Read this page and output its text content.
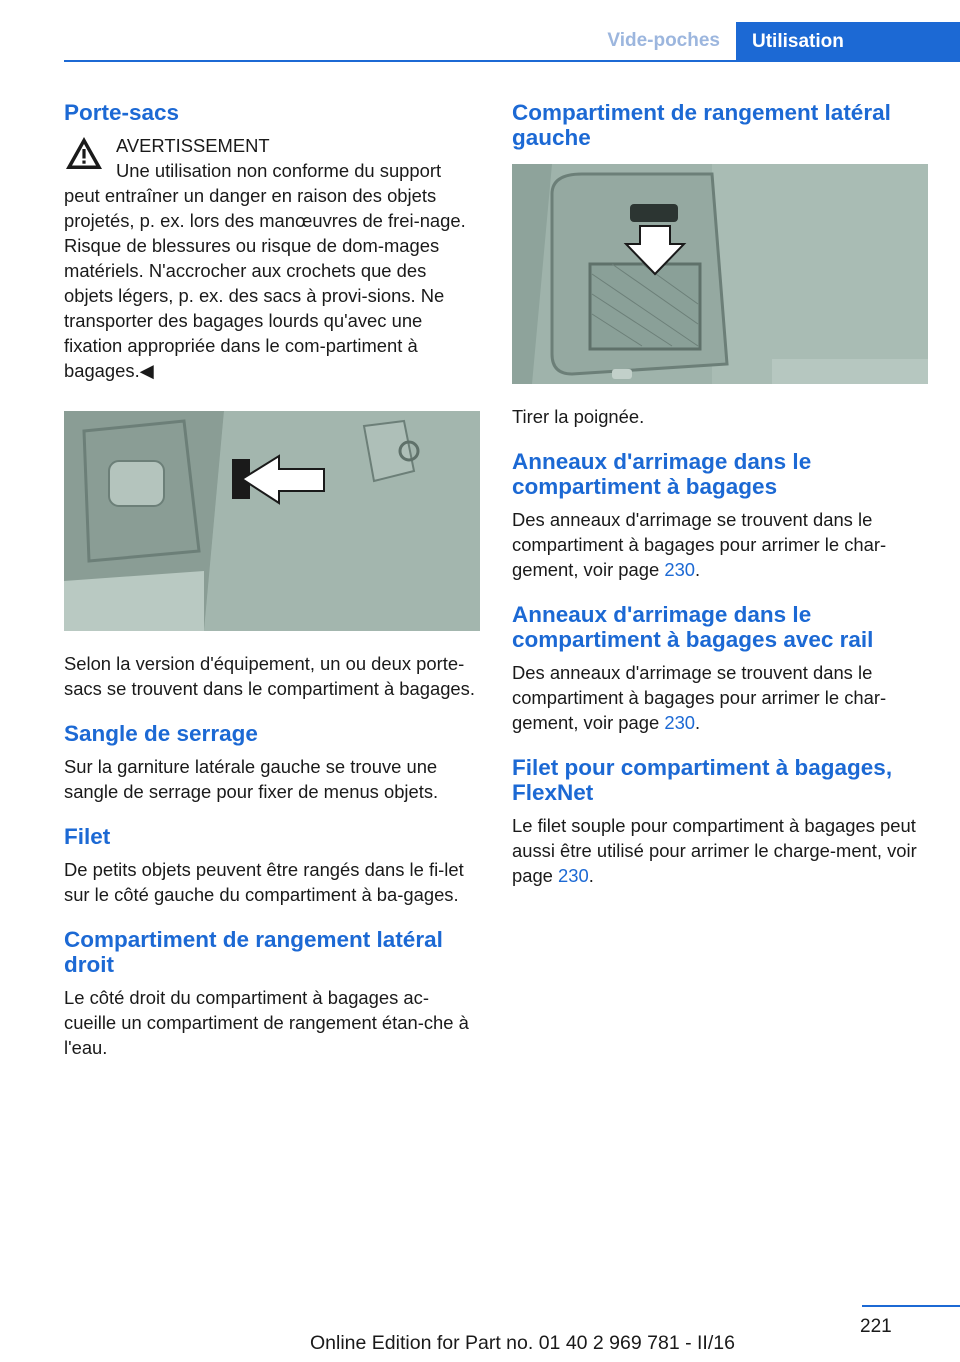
Vide-poches	Utilisation
Porte-sacs
AVERTISSEMENT

Une utilisation non conforme du support peut entraîner un danger en raison des objets projetés, p. ex. lors des manœuvres de frei‐nage. Risque de blessures ou risque de dom‐mages matériels. N'accrocher aux crochets que des objets légers, p. ex. des sacs à provi‐sions. Ne transporter des bagages lourds qu'avec une fixation appropriée dans le com‐partiment à bagages.◀

Selon la version d'équipement, un ou deux porte-sacs se trouvent dans le compartiment à bagages.

Sangle de serrage

Sur la garniture latérale gauche se trouve une sangle de serrage pour fixer de menus objets.

Filet

De petits objets peuvent être rangés dans le fi‐let sur le côté gauche du compartiment à ba‐gages.

Compartiment de rangement latéral droit

Le côté droit du compartiment à bagages ac‐cueille un compartiment de rangement étan‐che à l'eau.

Compartiment de rangement latéral gauche

Tirer la poignée.

Anneaux d'arrimage dans le compartiment à bagages

Des anneaux d'arrimage se trouvent dans le compartiment à bagages pour arrimer le char‐gement, voir page 230.

Anneaux d'arrimage dans le compartiment à bagages avec rail

Des anneaux d'arrimage se trouvent dans le compartiment à bagages pour arrimer le char‐gement, voir page 230.

Filet pour compartiment à bagages, FlexNet

Le filet souple pour compartiment à bagages peut aussi être utilisé pour arrimer le charge‐ment, voir page 230.

221
Online Edition for Part no. 01 40 2 969 781 - II/16
